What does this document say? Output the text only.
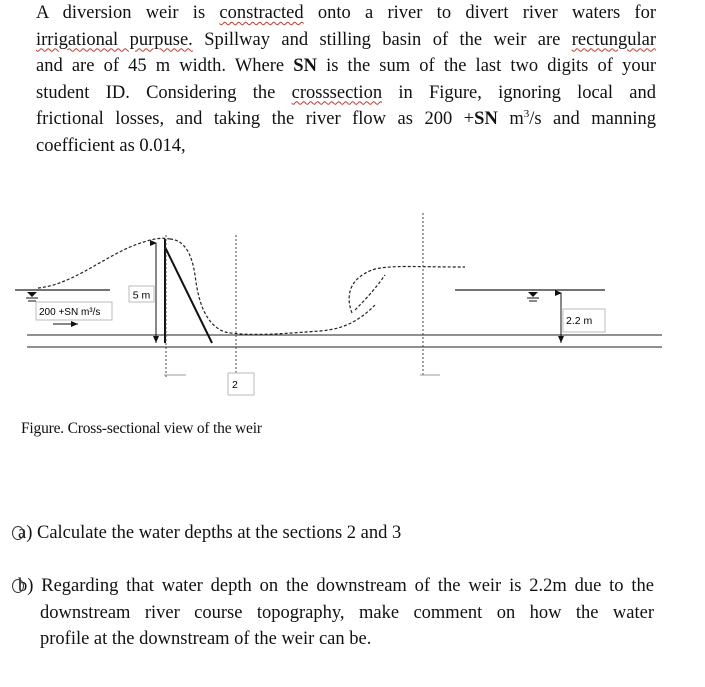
A diversion weir is constracted onto a river to divert river waters for
irrigational purpuse. Spillway and stilling basin of the weir are rectungular
and are of 45 m width. Where SN is the sum of the last two digits of your
student ID. Considering the crosssection in Figure, ignoring local and
frictional losses, and taking the river flow as 200 +SN $m^3/s$ and manning
coefficient as 0.014,
5 m
200 +SN m³/s
2.2 m
2
Figure. Cross-sectional view of the weir
a) Calculate the water depths at the sections 2 and 3
b) Regarding that water depth on the downstream of the weir is 2.2m due to the
downstream river course topography, make comment on how the water
profile at the downstream of the weir can be.
